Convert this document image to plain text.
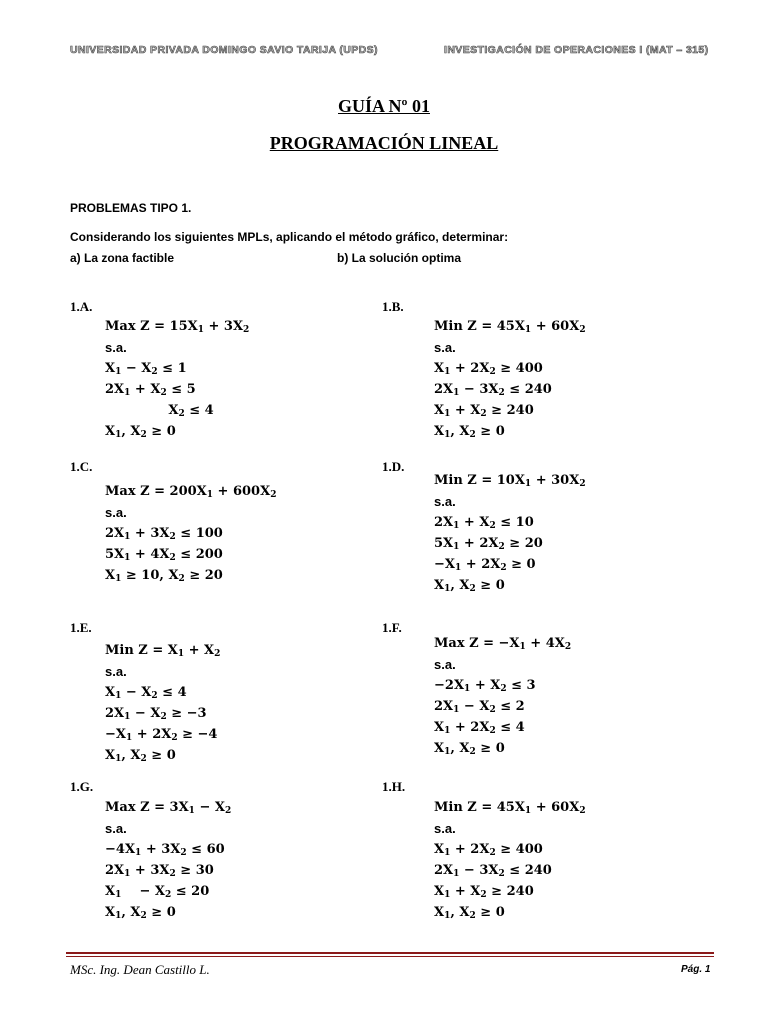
UNIVERSIDAD PRIVADA DOMINGO SAVIO TARIJA (UPDS)	INVESTIGACIÓN DE OPERACIONES I (MAT – 315)
GUÍA Nº 01
PROGRAMACIÓN LINEAL
PROBLEMAS TIPO 1.
Considerando los siguientes MPLs, aplicando el método gráfico, determinar:
a) La zona factible	b) La solución optima
1.A.
Max $Z = 15X_1 + 3X_2$
s.a.
$X_1 - X_2 \le 1$
$2X_1 + X_2 \le 5$
$X_2 \le 4$
$X_1$, $X_2 \ge 0$
1.B.
Min $Z = 45X_1 + 60X_2$
s.a.
$X_1 + 2X_2 \ge 400$
$2X_1 - 3X_2 \le 240$
$X_1 + X_2 \ge 240$
$X_1$, $X_2 \ge 0$
1.C.
Max $Z = 200X_1 + 600X_2$
s.a.
$2X_1 + 3X_2 \le 100$
$5X_1 + 4X_2 \le 200$
$X_1 \ge 10$, $X_2 \ge 20$
1.D.
Min $Z = 10X_1 + 30X_2$
s.a.
$2X_1 + X_2 \le 10$
$5X_1 + 2X_2 \ge 20$
$-X_1 + 2X_2 \ge 0$
$X_1$, $X_2 \ge 0$
1.E.
Min $Z = X_1 + X_2$
s.a.
$X_1 - X_2 \le 4$
$2X_1 - X_2 \ge -3$
$-X_1 + 2X_2 \ge -4$
$X_1$, $X_2 \ge 0$
1.F.
Max $Z = -X_1 + 4X_2$
s.a.
$-2X_1 + X_2 \le 3$
$2X_1 - X_2 \le 2$
$X_1 + 2X_2 \le 4$
$X_1$, $X_2 \ge 0$
1.G.
Max $Z = 3X_1 - X_2$
s.a.
$-4X_1 + 3X_2 \le 60$
$2X_1 + 3X_2 \ge 30$
$X_1$    − $X_2 \le 20$
$X_1$, $X_2 \ge 0$
1.H.
Min $Z = 45X_1 + 60X_2$
s.a.
$X_1 + 2X_2 \ge 400$
$2X_1 - 3X_2 \le 240$
$X_1 + X_2 \ge 240$
$X_1$, $X_2 \ge 0$
MSc. Ing. Dean Castillo L.	Pág. 1
